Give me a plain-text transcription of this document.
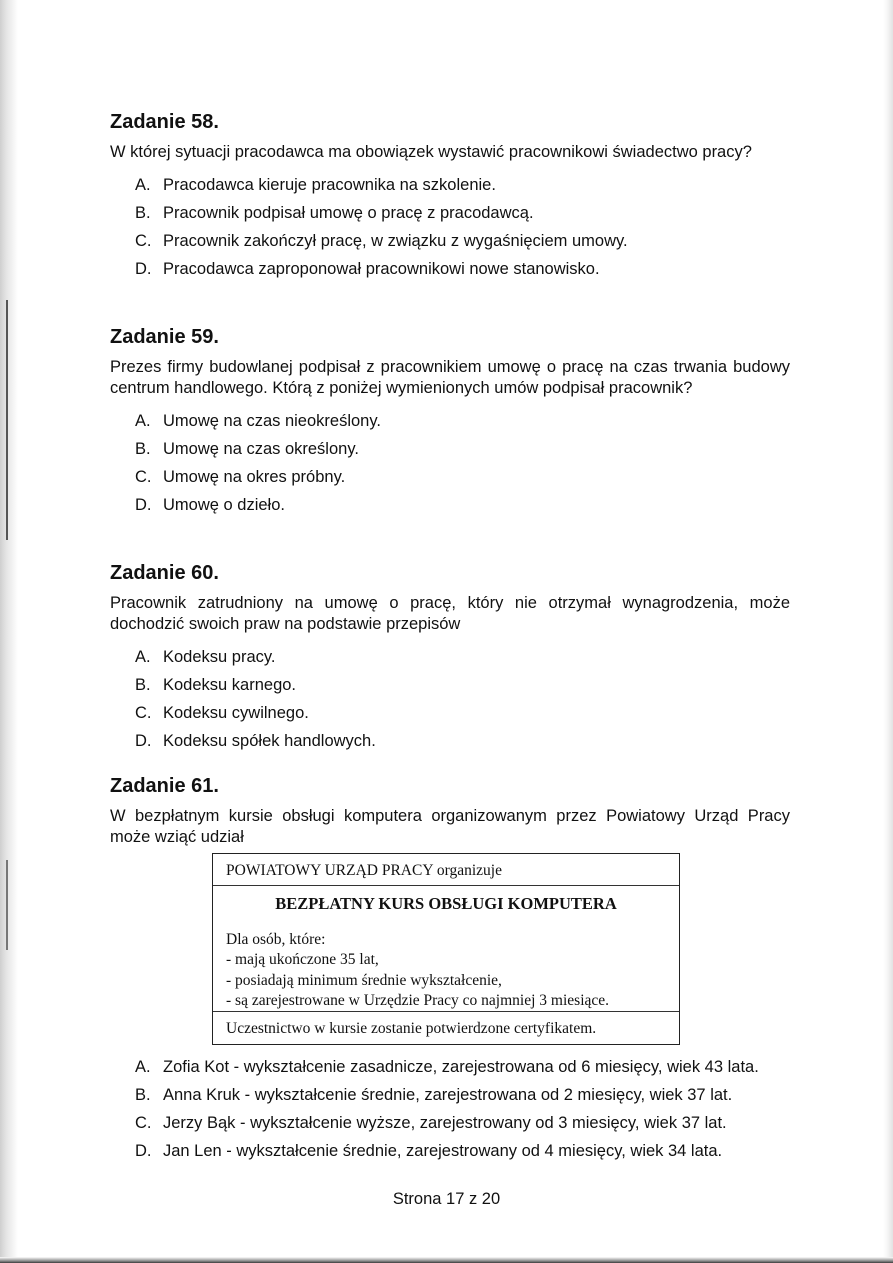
Zadanie 58.

W której sytuacji pracodawca ma obowiązek wystawić pracownikowi świadectwo pracy?

A. Pracodawca kieruje pracownika na szkolenie.
B. Pracownik podpisał umowę o pracę z pracodawcą.
C. Pracownik zakończył pracę, w związku z wygaśnięciem umowy.
D. Pracodawca zaproponował pracownikowi nowe stanowisko.
Zadanie 59.

Prezes firmy budowlanej podpisał z pracownikiem umowę o pracę na czas trwania budowy centrum handlowego. Którą z poniżej wymienionych umów podpisał pracownik?

A. Umowę na czas nieokreślony.
B. Umowę na czas określony.
C. Umowę na okres próbny.
D. Umowę o dzieło.
Zadanie 60.

Pracownik zatrudniony na umowę o pracę, który nie otrzymał wynagrodzenia, może dochodzić swoich praw na podstawie przepisów

A. Kodeksu pracy.
B. Kodeksu karnego.
C. Kodeksu cywilnego.
D. Kodeksu spółek handlowych.
Zadanie 61.

W bezpłatnym kursie obsługi komputera organizowanym przez Powiatowy Urząd Pracy może wziąć udział

POWIATOWY URZĄD PRACY organizuje
BEZPŁATNY KURS OBSŁUGI KOMPUTERA
Dla osób, które:
- mają ukończone 35 lat,
- posiadają minimum średnie wykształcenie,
- są zarejestrowane w Urzędzie Pracy co najmniej 3 miesiące.
Uczestnictwo w kursie zostanie potwierdzone certyfikatem.
A. Zofia Kot - wykształcenie zasadnicze, zarejestrowana od 6 miesięcy, wiek 43 lata.
B. Anna Kruk - wykształcenie średnie, zarejestrowana od 2 miesięcy, wiek 37 lat.
C. Jerzy Bąk - wykształcenie wyższe, zarejestrowany od 3 miesięcy, wiek 37 lat.
D. Jan Len - wykształcenie średnie, zarejestrowany od 4 miesięcy, wiek 34 lata.
Strona 17 z 20
